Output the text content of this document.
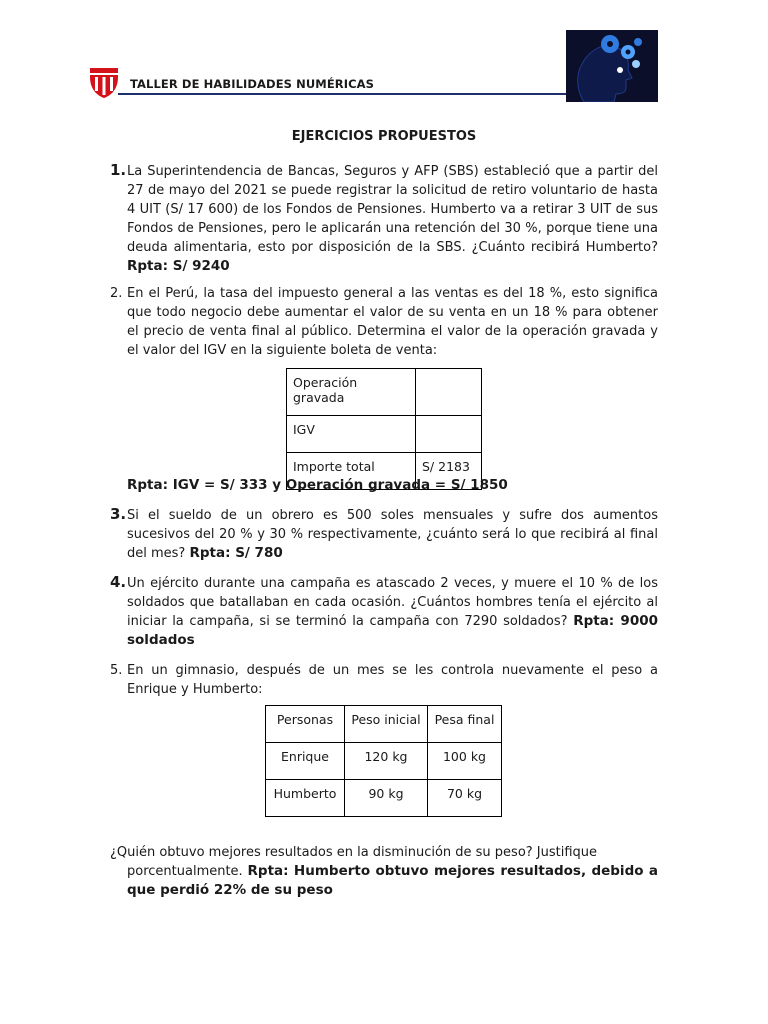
TALLER DE HABILIDADES NUMÉRICAS
EJERCICIOS PROPUESTOS
1. La Superintendencia de Bancas, Seguros y AFP (SBS) estableció que a partir del 27 de mayo del 2021 se puede registrar la solicitud de retiro voluntario de hasta 4 UIT (S/ 17 600) de los Fondos de Pensiones. Humberto va a retirar 3 UIT de sus Fondos de Pensiones, pero le aplicarán una retención del 30 %, porque tiene una deuda alimentaria, esto por disposición de la SBS. ¿Cuánto recibirá Humberto? Rpta: S/ 9240
2. En el Perú, la tasa del impuesto general a las ventas es del 18 %, esto significa que todo negocio debe aumentar el valor de su venta en un 18 % para obtener el precio de venta final al público. Determina el valor de la operación gravada y el valor del IGV en la siguiente boleta de venta:
Operación gravada	
IGV	
Importe total	S/ 2183
Rpta: IGV = S/ 333 y Operación gravada = S/ 1850
3. Si el sueldo de un obrero es 500 soles mensuales y sufre dos aumentos sucesivos del 20 % y 30 % respectivamente, ¿cuánto será lo que recibirá al final del mes? Rpta: S/ 780
4. Un ejército durante una campaña es atascado 2 veces, y muere el 10 % de los soldados que batallaban en cada ocasión. ¿Cuántos hombres tenía el ejército al iniciar la campaña, si se terminó la campaña con 7290 soldados? Rpta: 9000 soldados
5. En un gimnasio, después de un mes se les controla nuevamente el peso a Enrique y Humberto:
Personas	Peso inicial	Pesa final
Enrique	120 kg	100 kg
Humberto	90 kg	70 kg
¿Quién obtuvo mejores resultados en la disminución de su peso? Justifique
porcentualmente. Rpta: Humberto obtuvo mejores resultados, debido a que perdió 22% de su peso
